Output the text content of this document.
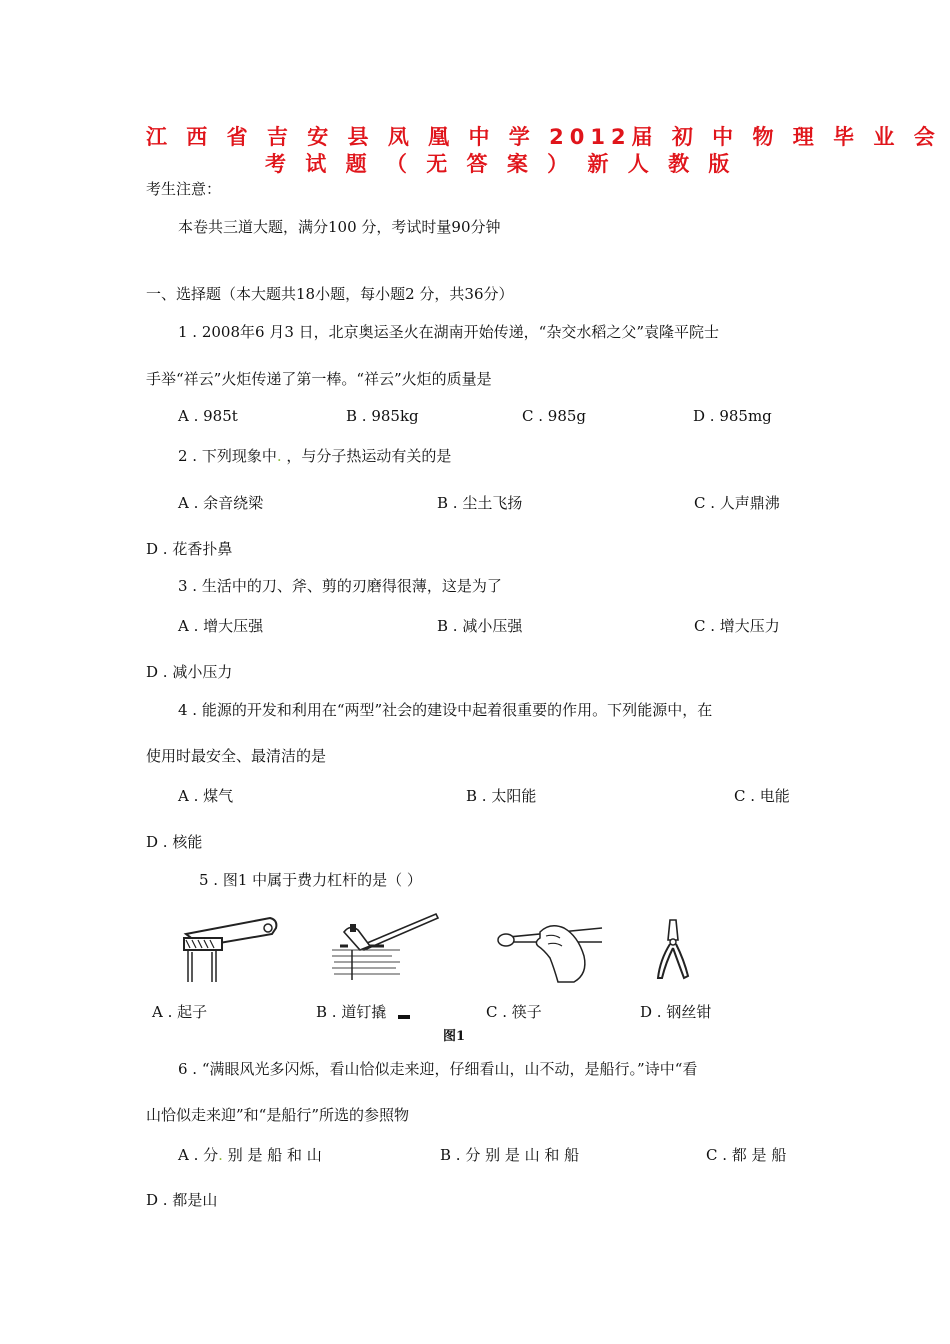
江 西 省 吉 安 县 凤 凰 中 学 2012届 初 中 物 理 毕 业 会
考 试 题 （ 无 答 案 ） 新 人 教 版
考生注意：
本卷共三道大题，满分100 分，考试时量90分钟
一、选择题（本大题共18小题，每小题2 分，共36分）
1 . 2008年6 月3 日，北京奥运圣火在湖南开始传递，“杂交水稻之父”袁隆平院士
手举“祥云”火炬传递了第一棒。“祥云”火炬的质量是
A . 985t	B . 985kg	C . 985g	D . 985mg
2 . 下列现象中. ，与分子热运动有关的是
A . 余音绕梁	B . 尘土飞扬	C . 人声鼎沸
D . 花香扑鼻
3 . 生活中的刀、斧、剪的刃磨得很薄，这是为了
A . 增大压强	B . 减小压强	C . 增大压力
D . 减小压力
4 . 能源的开发和利用在“两型”社会的建设中起着很重要的作用。下列能源中，在
使用时最安全、最清洁的是
A . 煤气	B . 太阳能	C . 电能
D . 核能
5 . 图1 中属于费力杠杆的是（ ）
A . 起子	B . 道钉撬	C . 筷子	D . 钢丝钳
图1
6 . “满眼风光多闪烁，看山恰似走来迎，仔细看山，山不动，是船行。”诗中“看
山恰似走来迎”和“是船行”所选的参照物
A . 分. 别 是 船 和 山	B . 分 别 是 山 和 船	C . 都 是 船
D . 都是山
